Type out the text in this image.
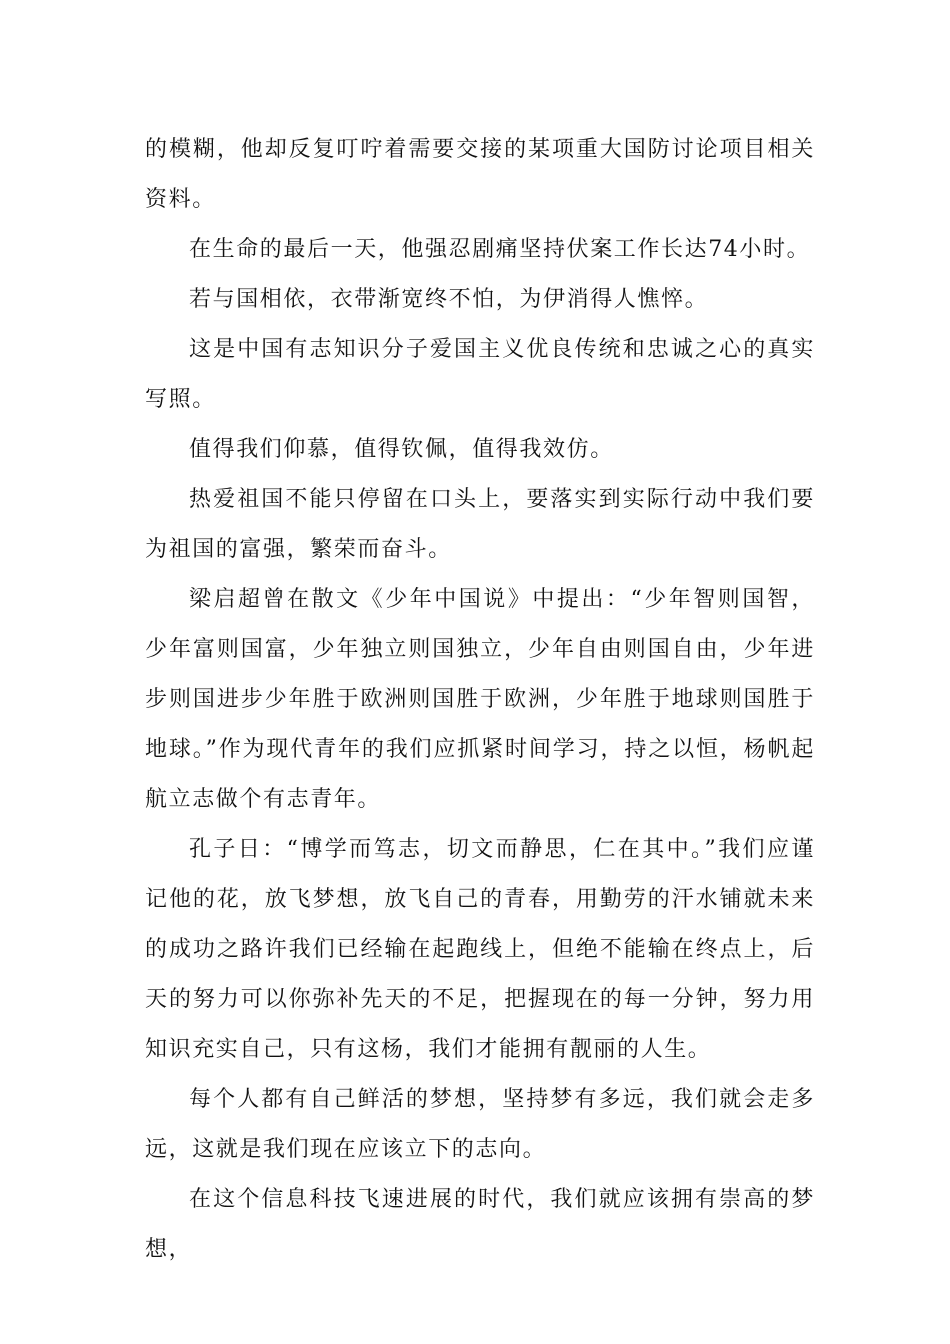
的模糊，他却反复叮咛着需要交接的某项重大国防讨论项目相关资料。

在生命的最后一天，他强忍剧痛坚持伏案工作长达74小时。

若与国相依，衣带渐宽终不怕，为伊消得人憔悴。

这是中国有志知识分子爱国主义优良传统和忠诚之心的真实写照。

值得我们仰慕，值得钦佩，值得我效仿。

热爱祖国不能只停留在口头上，要落实到实际行动中我们要为祖国的富强，繁荣而奋斗。

梁启超曾在散文《少年中国说》中提出：“少年智则国智，少年富则国富，少年独立则国独立，少年自由则国自由，少年进步则国进步少年胜于欧洲则国胜于欧洲，少年胜于地球则国胜于地球。”作为现代青年的我们应抓紧时间学习，持之以恒，杨帆起航立志做个有志青年。

孔子日：“博学而笃志，切文而静思，仁在其中。”我们应谨记他的花，放飞梦想，放飞自己的青春，用勤劳的汗水铺就未来的成功之路许我们已经输在起跑线上，但绝不能输在终点上，后天的努力可以你弥补先天的不足，把握现在的每一分钟，努力用知识充实自己，只有这杨，我们才能拥有靓丽的人生。

每个人都有自己鲜活的梦想，坚持梦有多远，我们就会走多远，这就是我们现在应该立下的志向。

在这个信息科技飞速进展的时代，我们就应该拥有崇高的梦想，
